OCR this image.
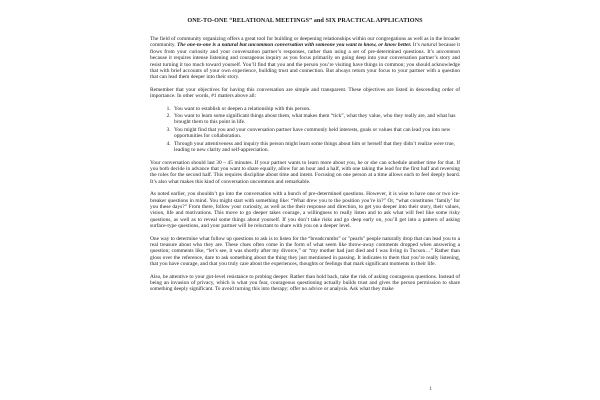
ONE-TO-ONE “RELATIONAL MEETINGS” and SIX PRACTICAL APPLICATIONS

The field of community organizing offers a great tool for building or deepening relationships within our congregations as well as in the broader community. The one-to-one is a natural but uncommon conversation with someone you want to know, or know better. It’s natural because it flows from your curiosity and your conversation partner’s responses, rather than using a set of pre-determined questions. It’s uncommon because it requires intense listening and courageous inquiry as you focus primarily on going deep into your conversation partner’s story and resist turning it too much toward yourself. You’ll find that you and the person you’re visiting have things in common; you should acknowledge that with brief accounts of your own experience, building trust and connection. But always return your focus to your partner with a question that can lead them deeper into their story.

Remember that your objectives for having this conversation are simple and transparent. These objectives are listed in descending order of importance. In other words, #1 matters above all:

1. You want to establish or deepen a relationship with this person.
2. You want to learn some significant things about them, what makes them “tick”, what they value, who they really are, and what has brought them to this point in life.
3. You might find that you and your conversation partner have commonly held interests, goals or values that can lead you into new opportunities for collaboration.
4. Through your attentiveness and inquiry this person might learn some things about him or herself that they didn’t realize were true, leading to new clarity and self-appreciation.

Your conversation should last 30 – 45 minutes. If your partner wants to learn more about you, he or she can schedule another time for that. If you both decide in advance that you want to share equally, allow for an hour and a half, with one taking the lead for the first half and reversing the roles for the second half. This requires discipline about time and intent. Focusing on one person at a time allows each to feel deeply heard. It’s also what makes this kind of conversation uncommon and remarkable.

As noted earlier, you shouldn’t go into the conversation with a bunch of pre-determined questions. However, it is wise to have one or two ice-breaker questions in mind. You might start with something like: “What drew you to the position you’re in?” Or, “what constitutes ‘family’ for you these days?” From there, follow your curiosity, as well as the their response and direction, to get you deeper into their story, their values, vision, life and motivations. This move to go deeper takes courage, a willingness to really listen and to ask what will feel like some risky questions, as well as to reveal some things about yourself. If you don’t take risks and go deep early on, you’ll get into a pattern of asking surface-type questions, and your partner will be reluctant to share with you on a deeper level.

One way to determine what follow up questions to ask is to listen for the “breadcrumbs” or "pearls" people naturally drop that can lead you to a real treasure about who they are. These clues often come in the form of what seem like throw-away comments dropped when answering a question; comments like, “let’s see, it was shortly after my divorce,” or “my mother had just died and I was living in Tucson…” Rather than gloss over the reference, dare to ask something about the thing they just mentioned in passing. It indicates to them that you’re really listening, that you have courage, and that you truly care about the experiences, thoughts or feelings that mark significant moments in their life.

Also, be attentive to your gut-level resistance to probing deeper. Rather than hold back, take the risk of asking courageous questions. Instead of being an invasion of privacy, which is what you fear, courageous questioning actually builds trust and gives the person permission to share something deeply significant. To avoid turning this into therapy; offer no advice or analysis. Ask what they make

1
